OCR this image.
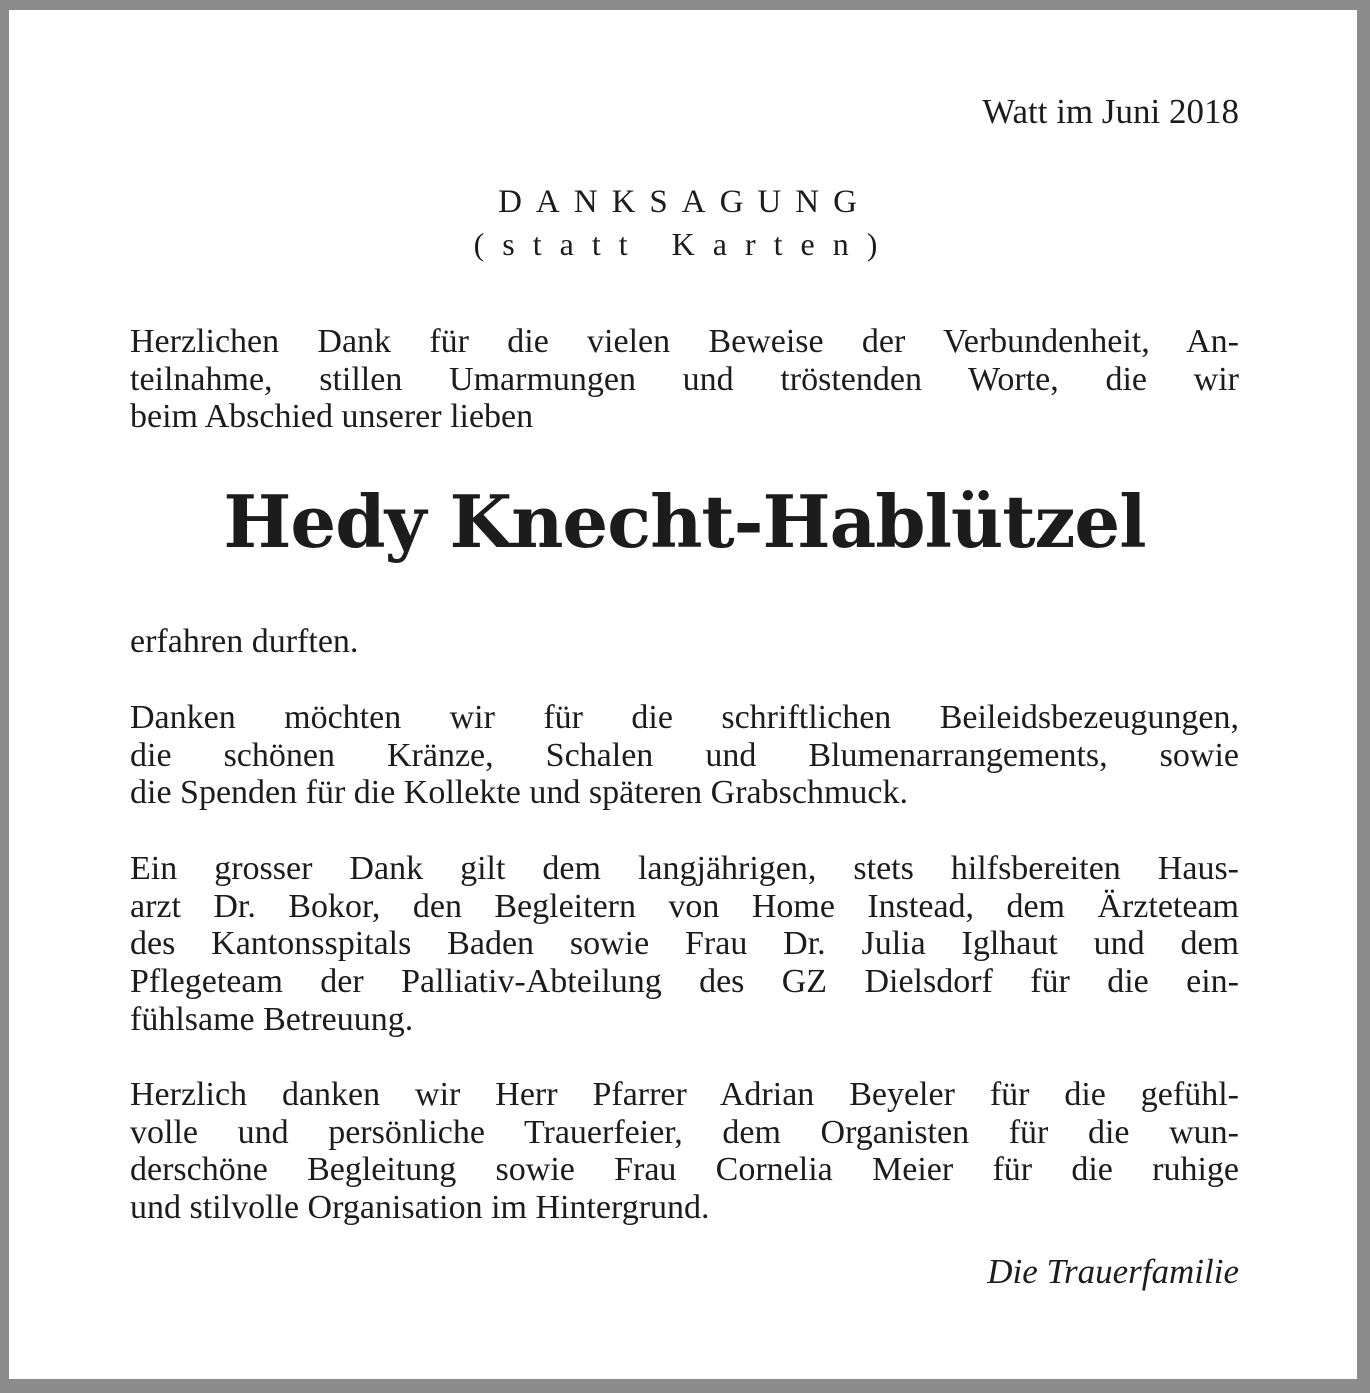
Watt im Juni 2018
DANKSAGUNG
(statt Karten)
Herzlichen Dank für die vielen Beweise der Verbundenheit, An-
teilnahme, stillen Umarmungen und tröstenden Worte, die wir
beim Abschied unserer lieben
Hedy Knecht-Hablützel
erfahren durften.
Danken möchten wir für die schriftlichen Beileidsbezeugungen,
die schönen Kränze, Schalen und Blumenarrangements, sowie
die Spenden für die Kollekte und späteren Grabschmuck.
Ein grosser Dank gilt dem langjährigen, stets hilfsbereiten Haus-
arzt Dr. Bokor, den Begleitern von Home Instead, dem Ärzteteam
des Kantonsspitals Baden sowie Frau Dr. Julia Iglhaut und dem
Pflegeteam der Palliativ-Abteilung des GZ Dielsdorf für die ein-
fühlsame Betreuung.
Herzlich danken wir Herr Pfarrer Adrian Beyeler für die gefühl-
volle und persönliche Trauerfeier, dem Organisten für die wun-
derschöne Begleitung sowie Frau Cornelia Meier für die ruhige
und stilvolle Organisation im Hintergrund.
Die Trauerfamilie
